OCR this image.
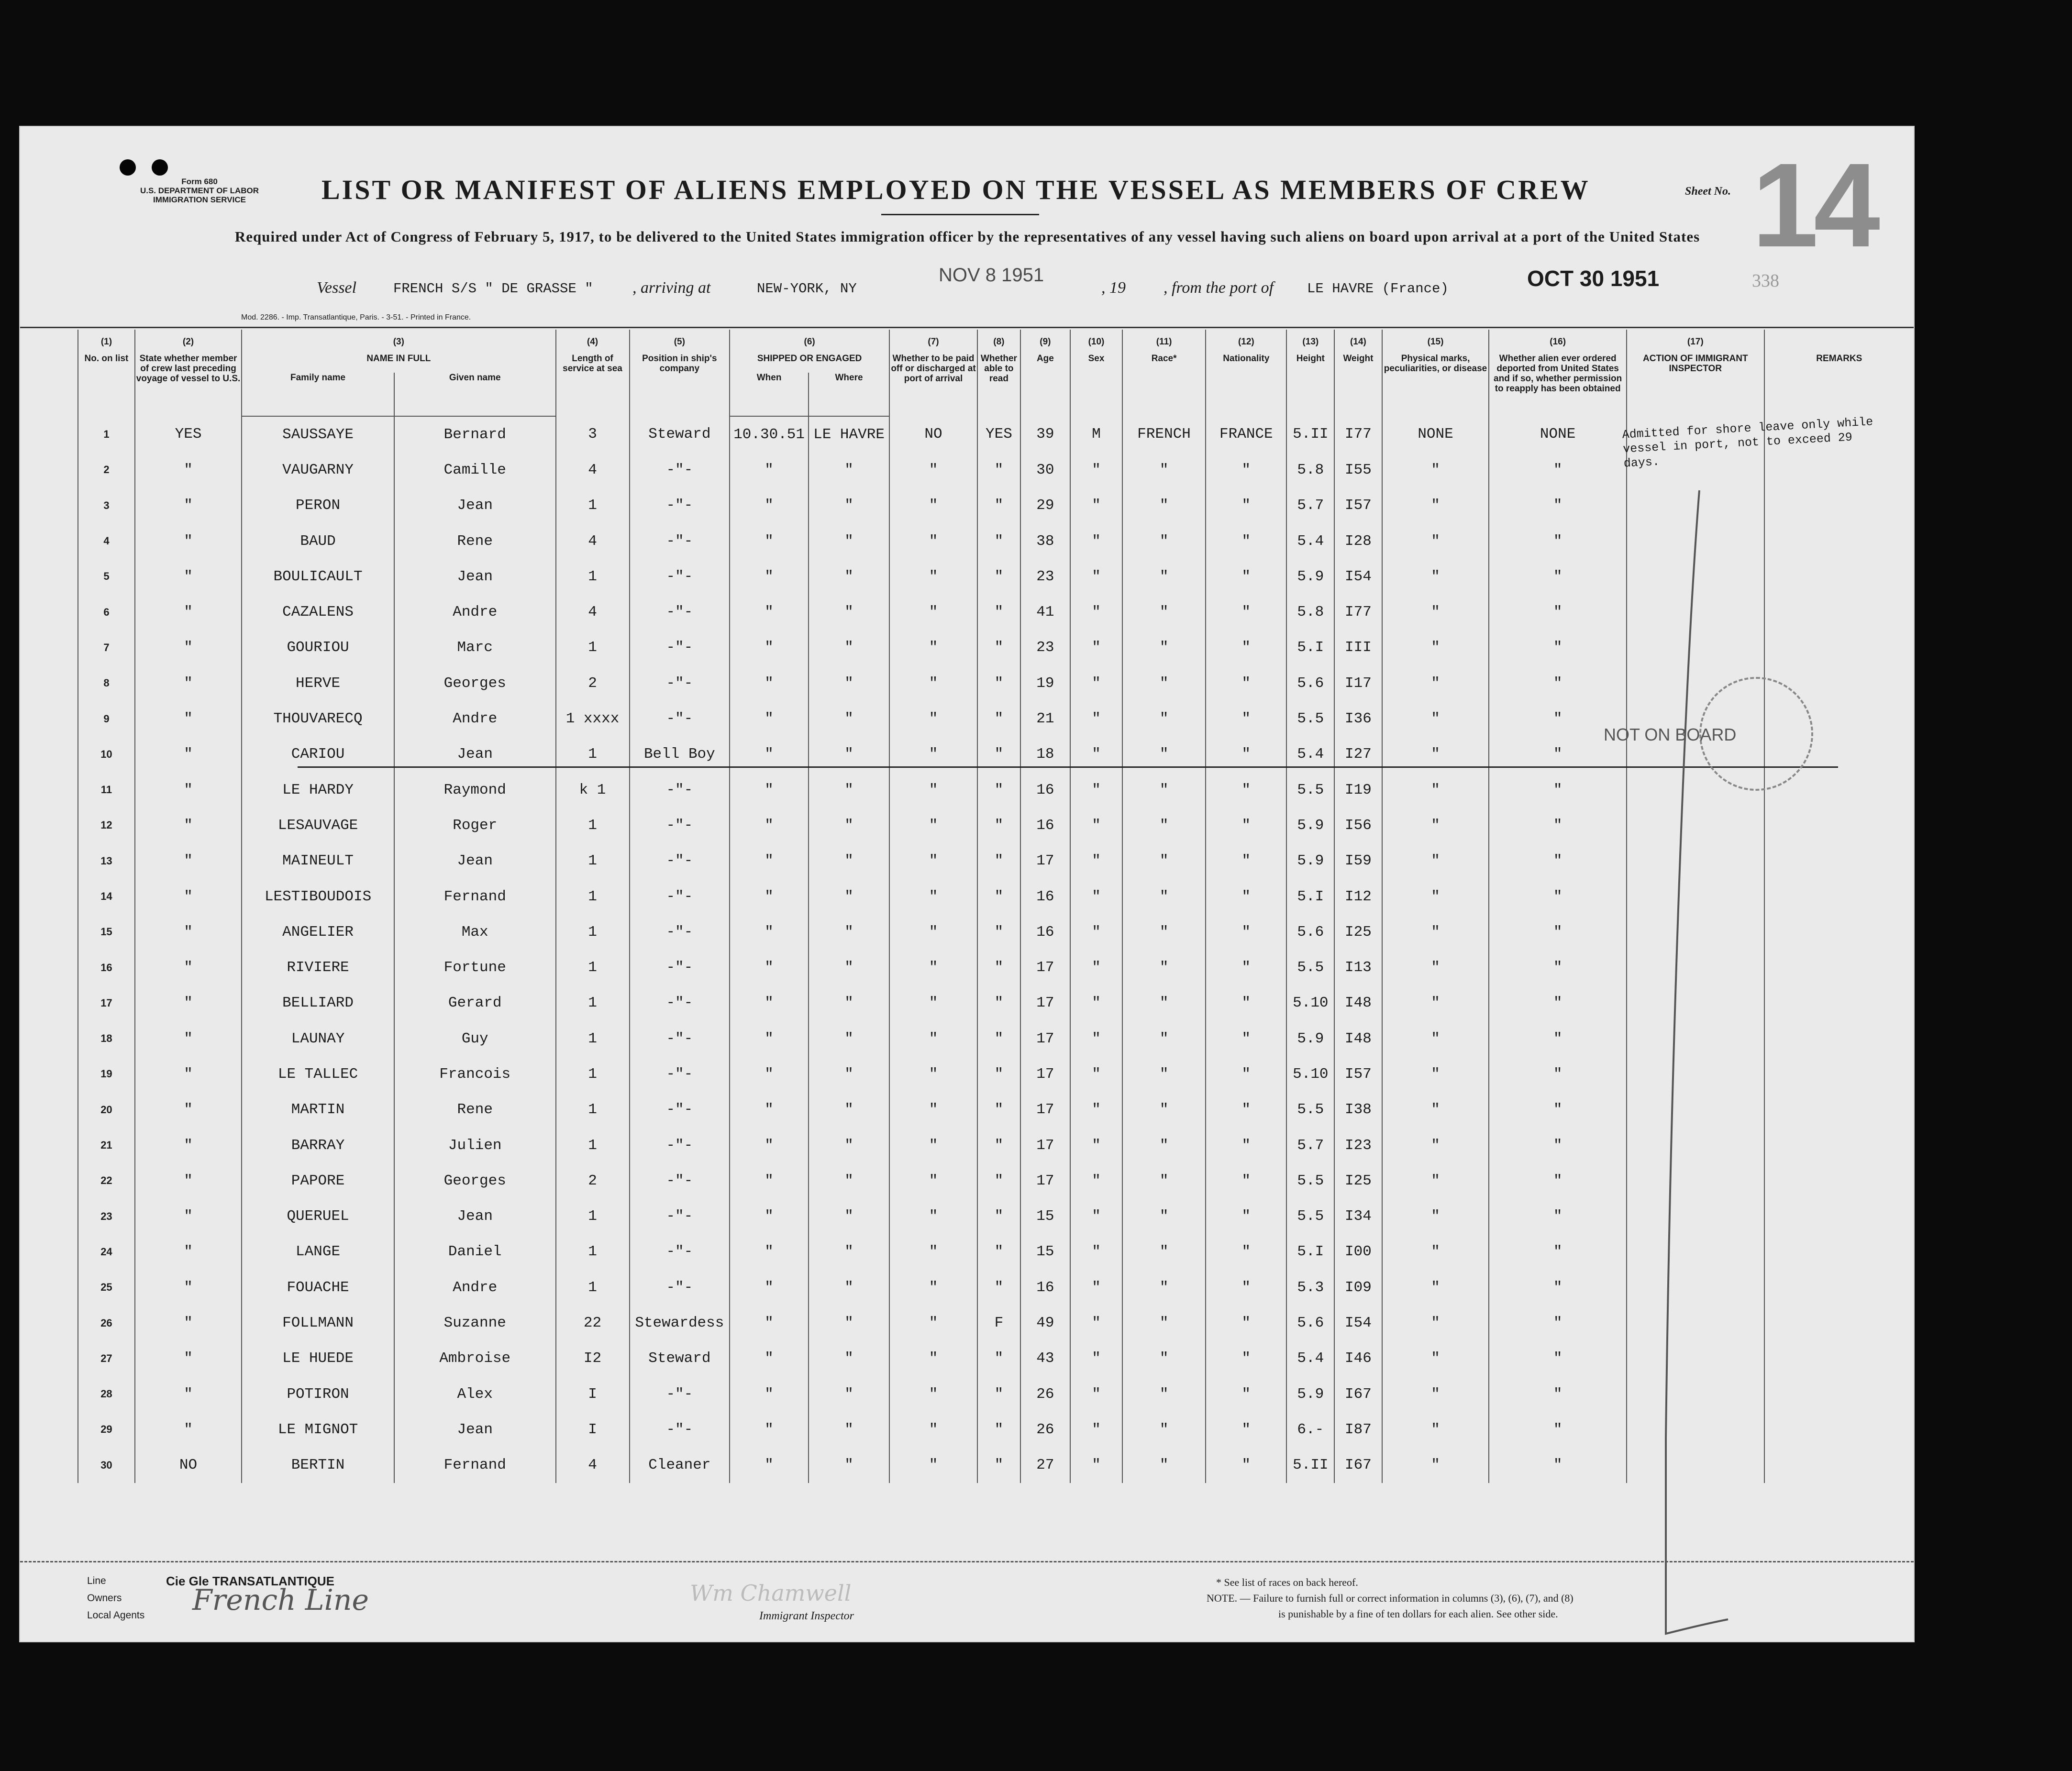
Form 680
U.S. DEPARTMENT OF LABOR
IMMIGRATION SERVICE	LIST OR MANIFEST OF ALIENS EMPLOYED ON THE VESSEL AS MEMBERS OF CREW	Sheet No. 14
Required under Act of Congress of February 5, 1917, to be delivered to the United States immigration officer by the representatives of any vessel having such aliens on board upon arrival at a port of the United States
Vessel	FRENCH S/S " DE GRASSE " , arriving at	NEW-YORK, NY
NOV 8 1951
, 19 , from the port of LE HAVRE (France)	OCT 30 1951	338
Mod. 2286. - Imp. Transatlantique, Paris. - 3-51. - Printed in France.
(1)	(2)	(3)		(4)	(5)	(6)		(7)	(8)	(9)	(10)	(11)	(12)	(13)	(14)	(15)	(16)	(17)	
No. on list	State whether member of crew last preceding voyage of vessel to U.S.	NAME IN FULL		Length of service at sea	Position in ship's company	SHIPPED OR ENGAGED		Whether to be paid off or discharged at port of arrival	Whether able to read	Age	Sex	Race*	Nationality	Height	Weight	Physical marks, peculiarities, or disease	Whether alien ever ordered deported from United States and if so, whether permission to reapply has been obtained	ACTION OF IMMIGRANT INSPECTOR	REMARKS
		Family name	Given name			When	Where												
1	YES	SAUSSAYE	Bernard	3	Steward	10.30.51	LE HAVRE	NO	YES	39	M	FRENCH	FRANCE	5.II	I77	NONE	NONE		
2	"	VAUGARNY	Camille	4	-"-	"	"	"	"	30	"	"	"	5.8	I55	"	"		
3	"	PERON	Jean	1	-"-	"	"	"	"	29	"	"	"	5.7	I57	"	"		
4	"	BAUD	Rene	4	-"-	"	"	"	"	38	"	"	"	5.4	I28	"	"		
5	"	BOULICAULT	Jean	1	-"-	"	"	"	"	23	"	"	"	5.9	I54	"	"		
6	"	CAZALENS	Andre	4	-"-	"	"	"	"	41	"	"	"	5.8	I77	"	"		
7	"	GOURIOU	Marc	1	-"-	"	"	"	"	23	"	"	"	5.I	III	"	"		
8	"	HERVE	Georges	2	-"-	"	"	"	"	19	"	"	"	5.6	I17	"	"		
9	"	THOUVARECQ	Andre	1 xxxx	-"-	"	"	"	"	21	"	"	"	5.5	I36	"	"		
10	"	CARIOU	Jean	1	Bell Boy	"	"	"	"	18	"	"	"	5.4	I27	"	"		
11	"	LE HARDY	Raymond	k 1	-"-	"	"	"	"	16	"	"	"	5.5	I19	"	"		
12	"	LESAUVAGE	Roger	1	-"-	"	"	"	"	16	"	"	"	5.9	I56	"	"		
13	"	MAINEULT	Jean	1	-"-	"	"	"	"	17	"	"	"	5.9	I59	"	"		
14	"	LESTIBOUDOIS	Fernand	1	-"-	"	"	"	"	16	"	"	"	5.I	I12	"	"		
15	"	ANGELIER	Max	1	-"-	"	"	"	"	16	"	"	"	5.6	I25	"	"		
16	"	RIVIERE	Fortune	1	-"-	"	"	"	"	17	"	"	"	5.5	I13	"	"		
17	"	BELLIARD	Gerard	1	-"-	"	"	"	"	17	"	"	"	5.10	I48	"	"		
18	"	LAUNAY	Guy	1	-"-	"	"	"	"	17	"	"	"	5.9	I48	"	"		
19	"	LE TALLEC	Francois	1	-"-	"	"	"	"	17	"	"	"	5.10	I57	"	"		
20	"	MARTIN	Rene	1	-"-	"	"	"	"	17	"	"	"	5.5	I38	"	"		
21	"	BARRAY	Julien	1	-"-	"	"	"	"	17	"	"	"	5.7	I23	"	"		
22	"	PAPORE	Georges	2	-"-	"	"	"	"	17	"	"	"	5.5	I25	"	"		
23	"	QUERUEL	Jean	1	-"-	"	"	"	"	15	"	"	"	5.5	I34	"	"		
24	"	LANGE	Daniel	1	-"-	"	"	"	"	15	"	"	"	5.I	I00	"	"		
25	"	FOUACHE	Andre	1	-"-	"	"	"	"	16	"	"	"	5.3	I09	"	"		
26	"	FOLLMANN	Suzanne	22	Stewardess	"	"	"	F	49	"	"	"	5.6	I54	"	"		
27	"	LE HUEDE	Ambroise	I2	Steward	"	"	"	"	43	"	"	"	5.4	I46	"	"		
28	"	POTIRON	Alex	I	-"-	"	"	"	"	26	"	"	"	5.9	I67	"	"		
29	"	LE MIGNOT	Jean	I	-"-	"	"	"	"	26	"	"	"	6.-	I87	"	"		
30	NO	BERTIN	Fernand	4	Cleaner	"	"	"	"	27	"	"	"	5.II	I67	"	"		
Admitted for shore leave only while vessel in port, not to exceed 29 days.
NOT ON BOARD
Line
Owners
Local Agents
Cie Gle TRANSATLANTIQUE
French Line	Wm Chamwell
Immigrant Inspector
* See list of races on back hereof.
NOTE. — Failure to furnish full or correct information in columns (3), (6), (7), and (8)
is punishable by a fine of ten dollars for each alien. See other side.
